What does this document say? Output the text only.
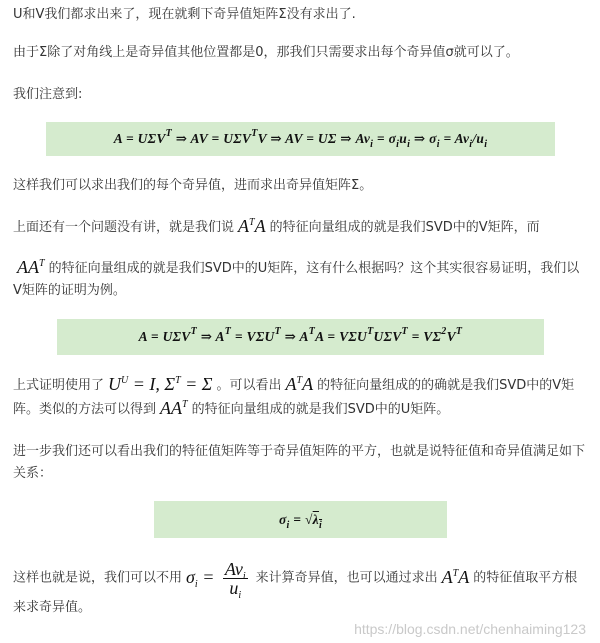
U和V我们都求出来了，现在就剩下奇异值矩阵Σ没有求出了.

由于Σ除了对角线上是奇异值其他位置都是0，那我们只需要求出每个奇异值σ就可以了。

我们注意到:

$A = U\Sigma V^T$ ⇒ AV = $U\Sigma V^TV$ ⇒ AV = UΣ ⇒ $Av_i = \sigma_iu_i$ ⇒ $\sigma_i = Av_i/u_i$

这样我们可以求出我们的每个奇异值，进而求出奇异值矩阵Σ。

上面还有一个问题没有讲，就是我们说 $A^TA$ 的特征向量组成的就是我们SVD中的V矩阵，而

$AA^T$ 的特征向量组成的就是我们SVD中的U矩阵，这有什么根据吗？这个其实很容易证明，我们以V矩阵的证明为例。

$A = U\Sigma V^T$ ⇒ $A^T = V\Sigma U^T$ ⇒ $A^TA = V\Sigma U^TU\Sigma V^T = V\Sigma^2V^T$

上式证明使用了 $U^U = I$, $\Sigma^T = \Sigma$ 。可以看出 $A^TA$ 的特征向量组成的的确就是我们SVD中的V矩阵。类似的方法可以得到 $AA^T$ 的特征向量组成的就是我们SVD中的U矩阵。

进一步我们还可以看出我们的特征值矩阵等于奇异值矩阵的平方，也就是说特征值和奇异值满足如下关系：

$\sigma_i = √\lambda_i$

这样也就是说，我们可以不用 $\sigma_i = \frac{Av_i}{u_i}$ 来计算奇异值，也可以通过求出 $A^TA$ 的特征值取平方根来求奇异值。

https://blog.csdn.net/chenhaiming123
